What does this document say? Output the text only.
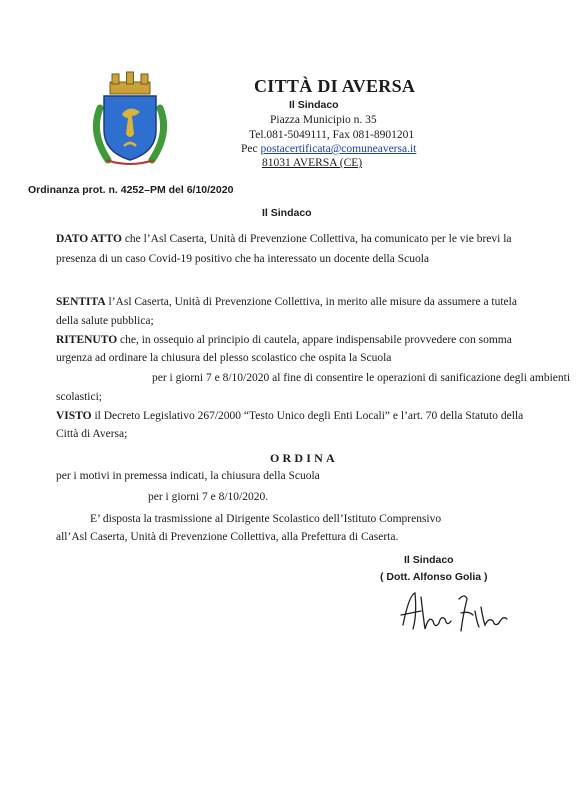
CITTÀ DI AVERSA
Il Sindaco
Piazza Municipio n. 35
Tel.081-5049111, Fax 081-8901201
Pec postacertificata@comuneaversa.it
81031 AVERSA (CE)
Ordinanza prot. n. 4252–PM del 6/10/2020
Il Sindaco
DATO ATTO che l’Asl Caserta, Unità di Prevenzione Collettiva, ha comunicato per le vie brevi la
presenza di un caso Covid-19 positivo che ha interessato un docente della Scuola
SENTITA l’Asl Caserta, Unità di Prevenzione Collettiva, in merito alle misure da assumere a tutela
della salute pubblica;
RITENUTO che, in ossequio al principio di cautela, appare indispensabile provvedere con somma
urgenza ad ordinare la chiusura del plesso scolastico che ospita la Scuola
per i giorni 7 e 8/10/2020 al fine di consentire le operazioni di sanificazione degli ambienti
scolastici;
VISTO il Decreto Legislativo 267/2000 “Testo Unico degli Enti Locali” e l’art. 70 della Statuto della
Città di Aversa;
ORDINA
per i motivi in premessa indicati, la chiusura della Scuola
per i giorni 7 e 8/10/2020.
E’ disposta la trasmissione al Dirigente Scolastico dell’Istituto Comprensivo
all’Asl Caserta, Unità di Prevenzione Collettiva, alla Prefettura di Caserta.
Il Sindaco
( Dott. Alfonso Golia )
